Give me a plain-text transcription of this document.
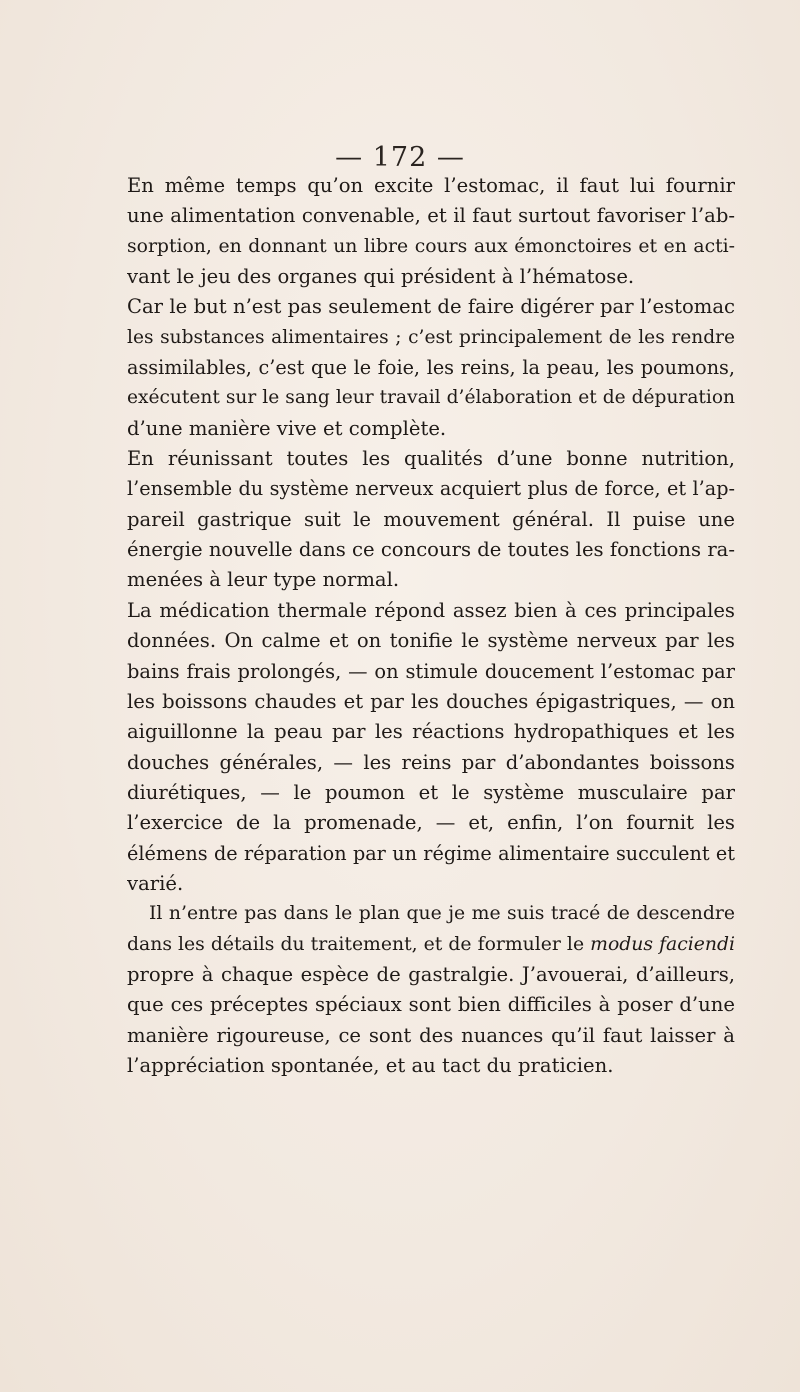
— 172 —
En même temps qu’on excite l’estomac, il faut lui fournir
une alimentation convenable, et il faut surtout favoriser l’ab-
sorption, en donnant un libre cours aux émonctoires et en acti-
vant le jeu des organes qui président à l’hématose.
Car le but n’est pas seulement de faire digérer par l’estomac
les substances alimentaires ; c’est principalement de les rendre
assimilables, c’est que le foie, les reins, la peau, les poumons,
exécutent sur le sang leur travail d’élaboration et de dépuration
d’une manière vive et complète.
En réunissant toutes les qualités d’une bonne nutrition,
l’ensemble du système nerveux acquiert plus de force, et l’ap-
pareil gastrique suit le mouvement général. Il puise une
énergie nouvelle dans ce concours de toutes les fonctions ra-
menées à leur type normal.
La médication thermale répond assez bien à ces principales
données. On calme et on tonifie le système nerveux par les
bains frais prolongés, — on stimule doucement l’estomac par
les boissons chaudes et par les douches épigastriques, — on
aiguillonne la peau par les réactions hydropathiques et les
douches générales, — les reins par d’abondantes boissons
diurétiques, — le poumon et le système musculaire par
l’exercice de la promenade, — et, enfin, l’on fournit les
élémens de réparation par un régime alimentaire succulent et
varié.
Il n’entre pas dans le plan que je me suis tracé de descendre
dans les détails du traitement, et de formuler le modus faciendi
propre à chaque espèce de gastralgie. J’avouerai, d’ailleurs,
que ces préceptes spéciaux sont bien difficiles à poser d’une
manière rigoureuse, ce sont des nuances qu’il faut laisser à
l’appréciation spontanée, et au tact du praticien.
